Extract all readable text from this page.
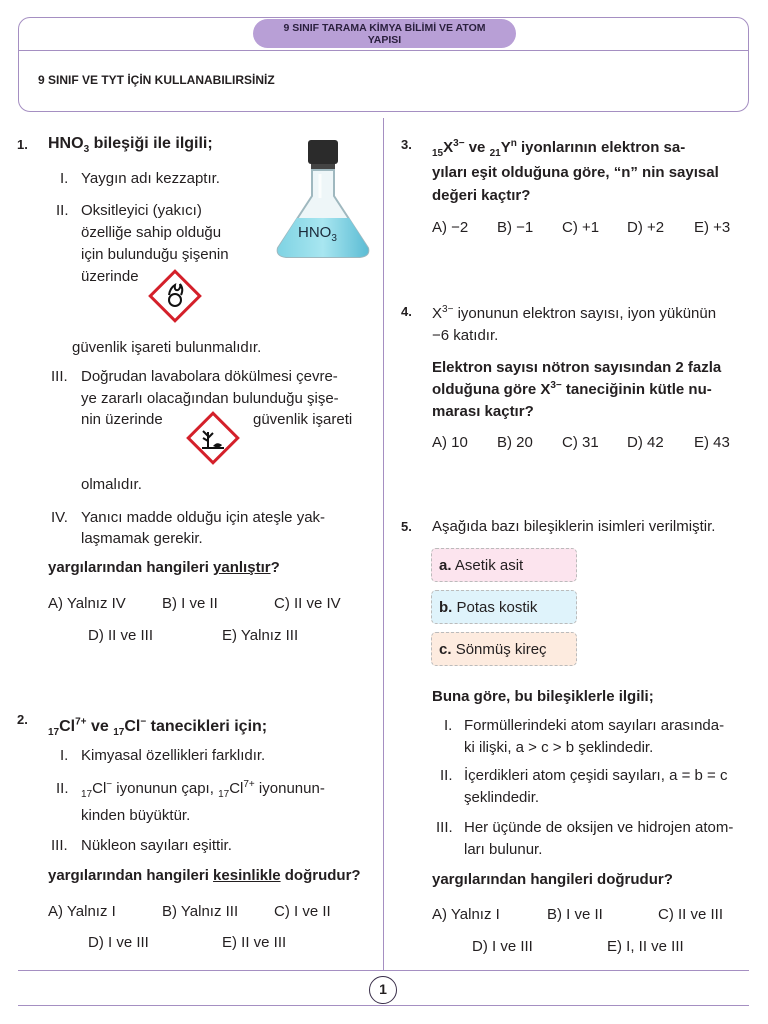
9 SINIF TARAMA KİMYA BİLİMİ VE ATOM YAPISI
9 SINIF VE TYT İÇİN KULLANABILIRSİNİZ
$HNO_3$
1. $HNO_3$ bileşiği ile ilgili;
I. Yaygın adı kezzaptır.
II. Oksitleyici (yakıcı)
özelliğe sahip olduğu
için bulunduğu şişenin
üzerinde
güvenlik işareti bulunmalıdır.
III. Doğrudan lavabolara dökülmesi çevre-
ye zararlı olacağından bulunduğu şişe-
nin üzerinde	güvenlik işareti
olmalıdır.
IV. Yanıcı madde olduğu için ateşle yak-
laşmamak gerekir.
yargılarından hangileri yanlıştır?
A) Yalnız IV B) I ve II	C) II ve IV
D) II ve III	E) Yalnız III
2.
$_{17}Cl^{7+}$ ve $_{17}$Cl− tanecikleri için;
I. Kimyasal özellikleri farklıdır.
II. $_{17}$Cl− iyonunun çapı, $_{17}Cl^{7+}$ iyonunun-
kinden büyüktür.
III. Nükleon sayıları eşittir.
yargılarından hangileri kesinlikle doğrudur?
A) Yalnız I	B) Yalnız III C) I ve II
D) I ve III	E) II ve III
3.
$_{15}X^{3-}$ ve $_{21}Y^n$ iyonlarının elektron sa-
yıları eşit olduğuna göre, “n” nin sayısal
değeri kaçtır?
A) −2 B) −1 C) +1 D) +2 E) +3
4. $X^{3-}$ iyonunun elektron sayısı, iyon yükünün
−6 katıdır.
Elektron sayısı nötron sayısından 2 fazla
olduğuna göre $X^{3-}$ taneciğinin kütle nu-
marası kaçtır?
A) 10 B) 20 C) 31 D) 42 E) 43
5. Aşağıda bazı bileşiklerin isimleri verilmiştir.
a. Asetik asit
b. Potas kostik
c. Sönmüş kireç
Buna göre, bu bileşiklerle ilgili;
I. Formüllerindeki atom sayıları arasında-
ki ilişki, a > c > b şeklindedir.
II. İçerdikleri atom çeşidi sayıları, a = b = c
şeklindedir.
III. Her üçünde de oksijen ve hidrojen atom-
ları bulunur.
yargılarından hangileri doğrudur?
A) Yalnız I	B) I ve II	C) II ve III
D) I ve III	E) I, II ve III
1
